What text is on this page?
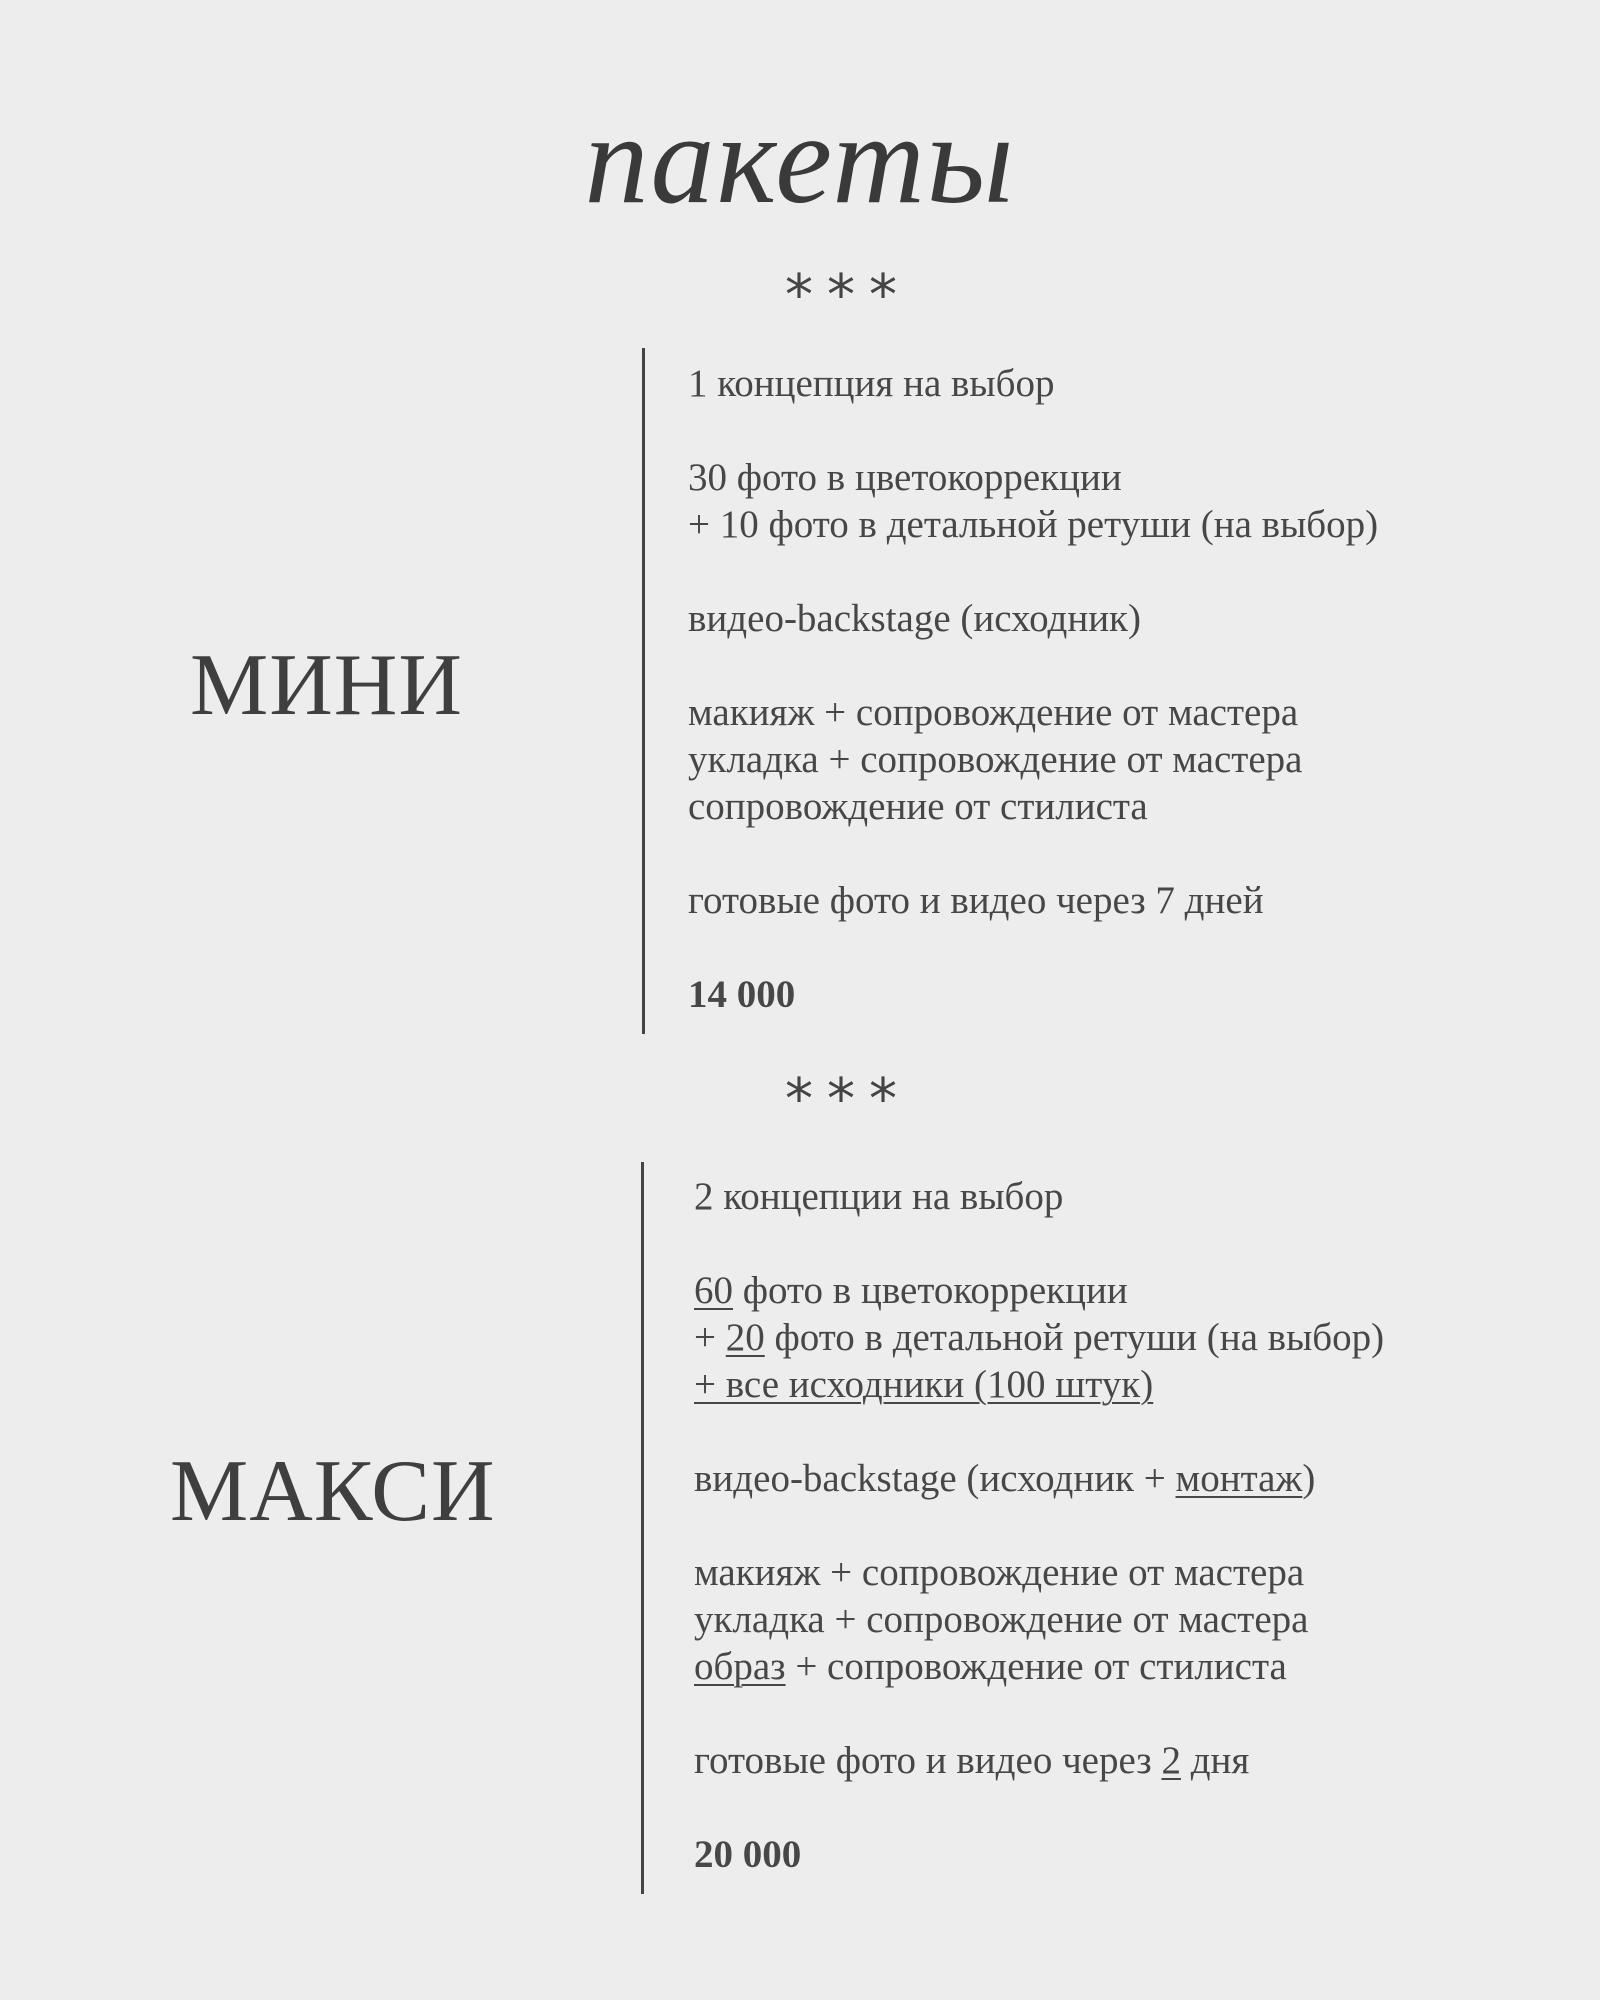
пакеты
***
МИНИ
1 концепция на выбор
30 фото в цветокоррекции
+ 10 фото в детальной ретуши (на выбор)
видео-backstage (исходник)
макияж + сопровождение от мастера
укладка + сопровождение от мастера
сопровождение от стилиста
готовые фото и видео через 7 дней
14 000
***
МАКСИ
2 концепции на выбор
60 фото в цветокоррекции
+ 20 фото в детальной ретуши (на выбор)
+ все исходники (100 штук)
видео-backstage (исходник + монтаж)
макияж + сопровождение от мастера
укладка + сопровождение от мастера
образ + сопровождение от стилиста
готовые фото и видео через 2 дня
20 000
